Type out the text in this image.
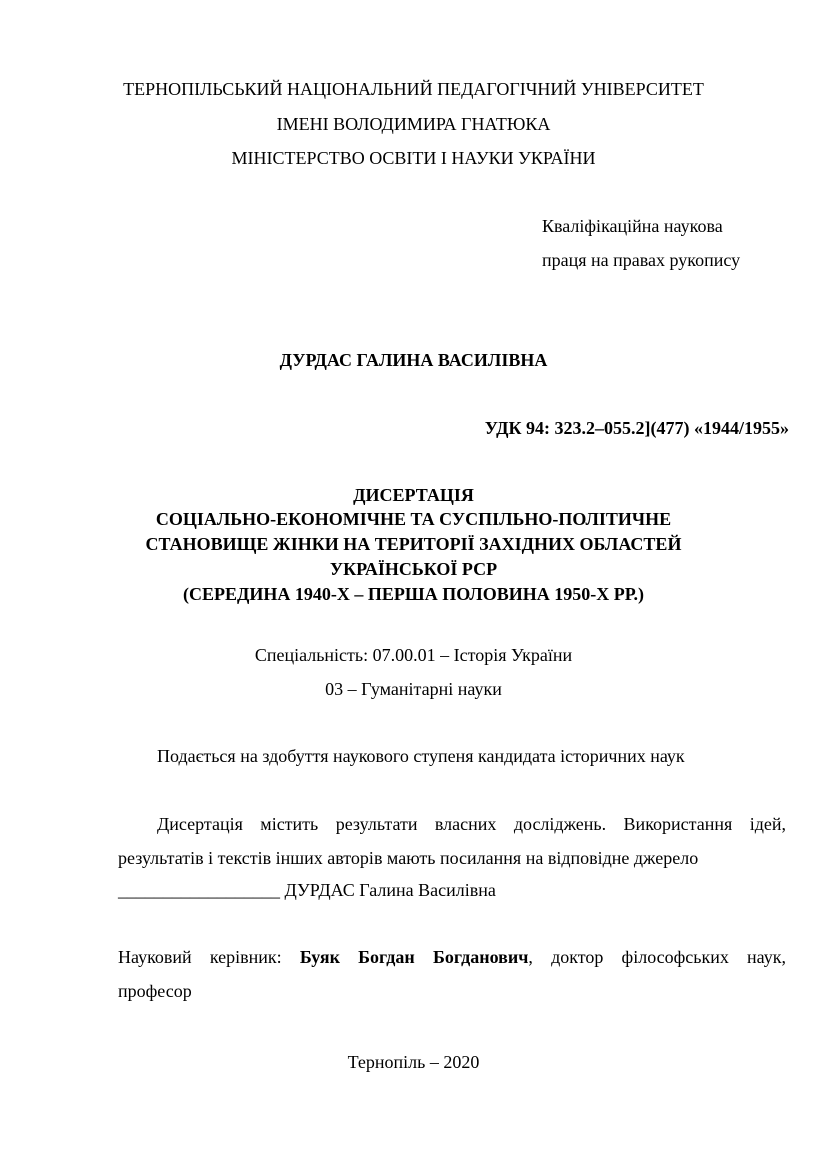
ТЕРНОПІЛЬСЬКИЙ НАЦІОНАЛЬНИЙ ПЕДАГОГІЧНИЙ УНІВЕРСИТЕТ
ІМЕНІ ВОЛОДИМИРА ГНАТЮКА
МІНІСТЕРСТВО ОСВІТИ І НАУКИ УКРАЇНИ
Кваліфікаційна наукова
праця на правах рукопису
ДУРДАС ГАЛИНА ВАСИЛІВНА
УДК 94: 323.2–055.2](477) «1944/1955»
ДИСЕРТАЦІЯ
СОЦІАЛЬНО-ЕКОНОМІЧНЕ ТА СУСПІЛЬНО-ПОЛІТИЧНЕ
СТАНОВИЩЕ ЖІНКИ НА ТЕРИТОРІЇ ЗАХІДНИХ ОБЛАСТЕЙ
УКРАЇНСЬКОЇ РСР
(СЕРЕДИНА 1940-Х – ПЕРША ПОЛОВИНА 1950-Х РР.)
Спеціальність: 07.00.01 – Історія України
03 – Гуманітарні науки
Подається на здобуття наукового ступеня кандидата історичних наук
Дисертація містить результати власних досліджень. Використання ідей,
результатів і текстів інших авторів мають посилання на відповідне джерело
__________________ ДУРДАС Галина Василівна
Науковий керівник: Буяк Богдан Богданович, доктор філософських наук,
професор
Тернопіль – 2020
